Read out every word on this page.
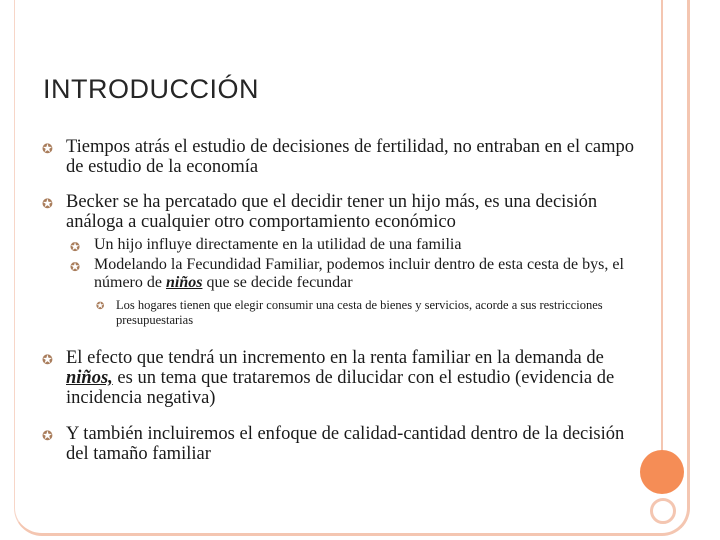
INTRODUCCIÓN
✪ Tiempos atrás el estudio de decisiones de fertilidad, no entraban en el campo de estudio de la economía
✪ Becker se ha percatado que el decidir tener un hijo más, es una decisión análoga a cualquier otro comportamiento económico
✪ Un hijo influye directamente en la utilidad de una familia
✪ Modelando la Fecundidad Familiar, podemos incluir dentro de esta cesta de bys, el número de niños que se decide fecundar
✪ Los hogares tienen que elegir consumir una cesta de bienes y servicios, acorde a sus restricciones presupuestarias
✪ El efecto que tendrá un incremento en la renta familiar en la demanda de niños, es un tema que trataremos de dilucidar con el estudio (evidencia de incidencia negativa)
✪ Y también incluiremos el enfoque de calidad-cantidad dentro de la decisión del tamaño familiar
